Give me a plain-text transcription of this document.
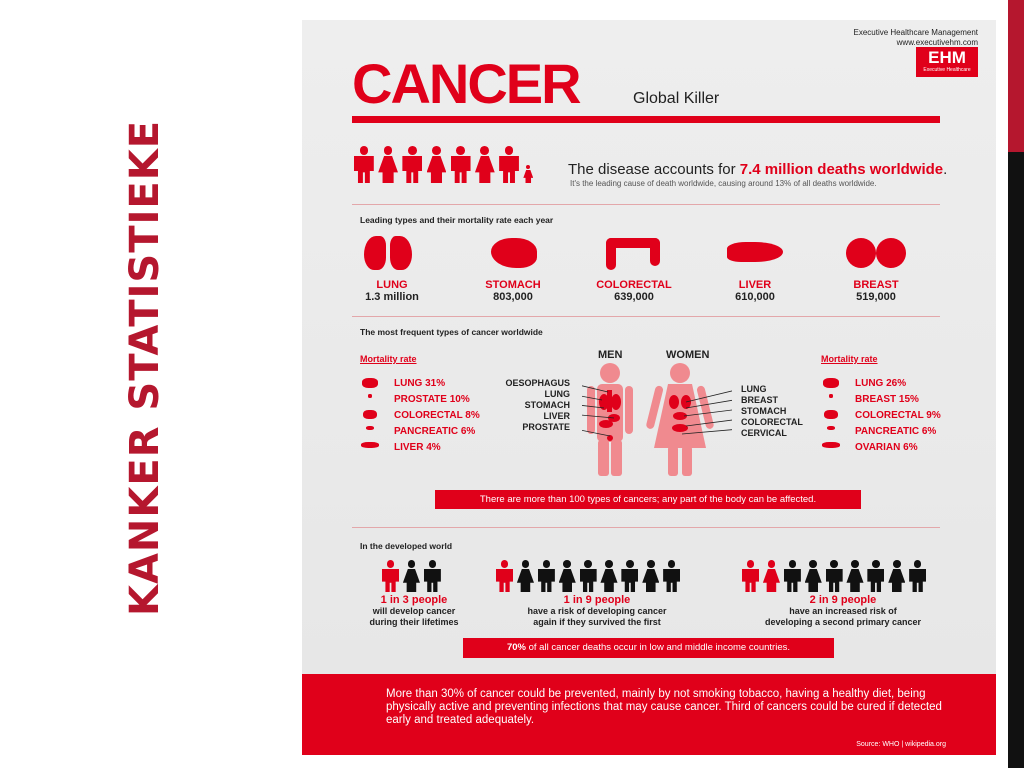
KANKER STATISTIEKE
Executive Healthcare Management
www.executivehm.com
EHM
Executive Healthcare
CANCER	Global Killer
The disease accounts for 7.4 million deaths worldwide.
It's the leading cause of death worldwide, causing around 13% of all deaths worldwide.
Leading types and their mortality rate each year
LUNG
1.3 million
STOMACH
803,000
COLORECTAL
639,000
LIVER
610,000
BREAST
519,000
The most frequent types of cancer worldwide
Mortality rate	Mortality rate
LUNG 31%
PROSTATE 10%
COLORECTAL 8%
PANCREATIC 6%
LIVER 4%
LUNG 26%
BREAST 15%
COLORECTAL 9%
PANCREATIC 6%
OVARIAN 6%
MEN	WOMEN
OESOPHAGUS
LUNG
STOMACH
LIVER
PROSTATE
LUNG
BREAST
STOMACH
COLORECTAL
CERVICAL
There are more than 100 types of cancers; any part of the body can be affected.
In the developed world
1 in 3 people
will develop cancer
during their lifetimes
1 in 9 people
have a risk of developing cancer
again if they survived the first
2 in 9 people
have an increased risk of
developing a second primary cancer
70% of all cancer deaths occur in low and middle income countries.
More than 30% of cancer could be prevented, mainly by not smoking tobacco, having a healthy diet, being physically active and preventing infections that may cause cancer. Third of cancers could be cured if detected early and treated adequately.
Source: WHO | wikipedia.org
